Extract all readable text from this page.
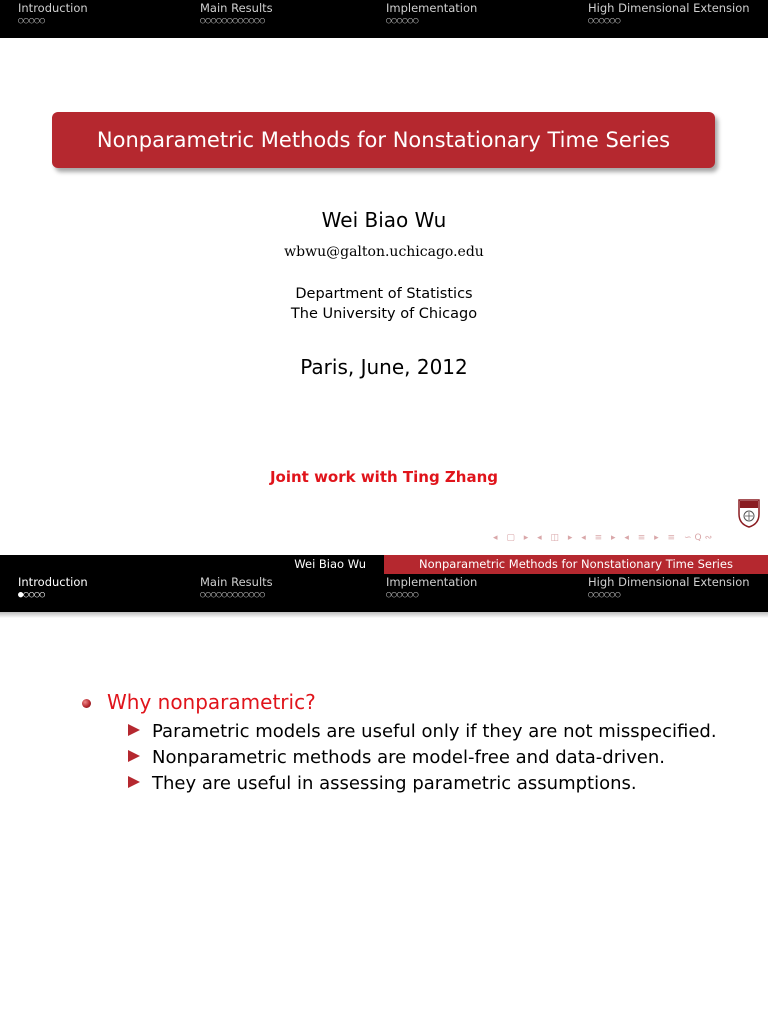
Introduction
○○○○○
Main Results
○○○○○○○○○○○○
Implementation
○○○○○○
High Dimensional Extension
○○○○○○
Nonparametric Methods for Nonstationary Time Series
Wei Biao Wu
wbwu@galton.uchicago.edu
Department of Statistics
The University of Chicago
Paris, June, 2012
Joint work with Ting Zhang
◂ ▢ ▸ ◂ ◫ ▸ ◂ ≡ ▸ ◂ ≡ ▸ ≡ ∽Q∾
Wei Biao Wu	Nonparametric Methods for Nonstationary Time Series
Introduction
●○○○○
Main Results
○○○○○○○○○○○○
Implementation
○○○○○○
High Dimensional Extension
○○○○○○
Why nonparametric?
Parametric models are useful only if they are not misspecified.
Nonparametric methods are model-free and data-driven.
They are useful in assessing parametric assumptions.
